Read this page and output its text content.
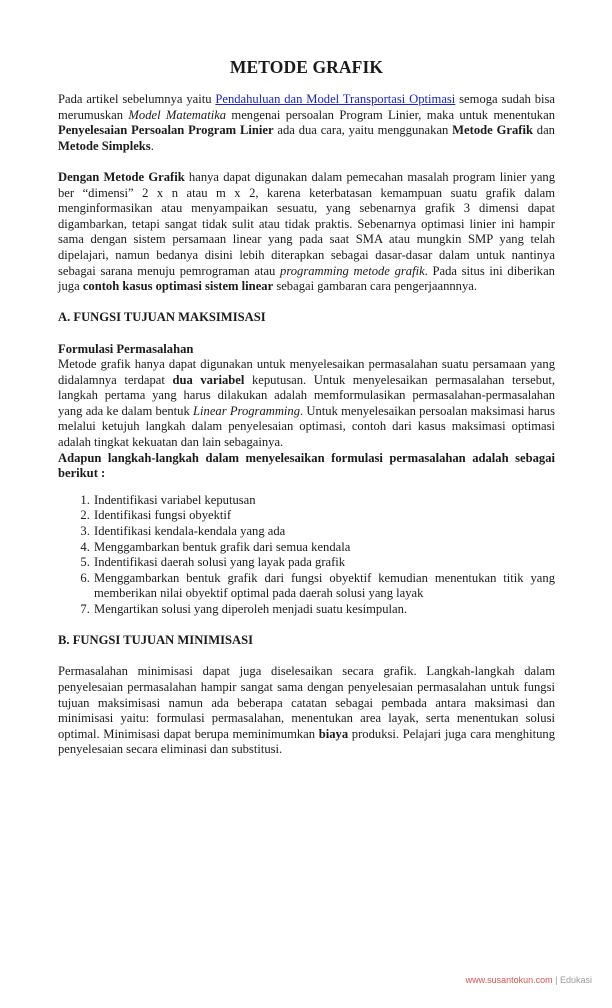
METODE GRAFIK

Pada artikel sebelumnya yaitu Pendahuluan dan Model Transportasi Optimasi semoga sudah bisa merumuskan Model Matematika mengenai persoalan Program Linier, maka untuk menentukan Penyelesaian Persoalan Program Linier ada dua cara, yaitu menggunakan Metode Grafik dan Metode Simpleks.

Dengan Metode Grafik hanya dapat digunakan dalam pemecahan masalah program linier yang ber “dimensi” 2 x n atau m x 2, karena keterbatasan kemampuan suatu grafik dalam menginformasikan atau menyampaikan sesuatu, yang sebenarnya grafik 3 dimensi dapat digambarkan, tetapi sangat tidak sulit atau tidak praktis. Sebenarnya optimasi linier ini hampir sama dengan sistem persamaan linear yang pada saat SMA atau mungkin SMP yang telah dipelajari, namun bedanya disini lebih diterapkan sebagai dasar-dasar dalam untuk nantinya sebagai sarana menuju pemrograman atau programming metode grafik. Pada situs ini diberikan juga contoh kasus optimasi sistem linear sebagai gambaran cara pengerjaannnya.

A. FUNGSI TUJUAN MAKSIMISASI
Formulasi Permasalahan

Metode grafik hanya dapat digunakan untuk menyelesaikan permasalahan suatu persamaan yang didalamnya terdapat dua variabel keputusan. Untuk menyelesaikan permasalahan tersebut, langkah pertama yang harus dilakukan adalah memformulasikan permasalahan-permasalahan yang ada ke dalam bentuk Linear Programming. Untuk menyelesaikan persoalan maksimasi harus melalui ketujuh langkah dalam penyelesaian optimasi, contoh dari kasus maksimasi optimasi adalah tingkat kekuatan dan lain sebagainya.

Adapun langkah-langkah dalam menyelesaikan formulasi permasalahan adalah sebagai berikut :

1. Indentifikasi variabel keputusan
2. Identifikasi fungsi obyektif
3. Identifikasi kendala-kendala yang ada
4. Menggambarkan bentuk grafik dari semua kendala
5. Indentifikasi daerah solusi yang layak pada grafik
6. Menggambarkan bentuk grafik dari fungsi obyektif kemudian menentukan titik yang memberikan nilai obyektif optimal pada daerah solusi yang layak
7. Mengartikan solusi yang diperoleh menjadi suatu kesimpulan.
B. FUNGSI TUJUAN MINIMISASI

Permasalahan minimisasi dapat juga diselesaikan secara grafik. Langkah-langkah dalam penyelesaian permasalahan hampir sangat sama dengan penyelesaian permasalahan untuk fungsi tujuan maksimisasi namun ada beberapa catatan sebagai pembada antara maksimasi dan minimisasi yaitu: formulasi permasalahan, menentukan area layak, serta menentukan solusi optimal. Minimisasi dapat berupa meminimumkan biaya produksi. Pelajari juga cara menghitung penyelesaian secara eliminasi dan substitusi.

www.susantokun.com | Edukasi
